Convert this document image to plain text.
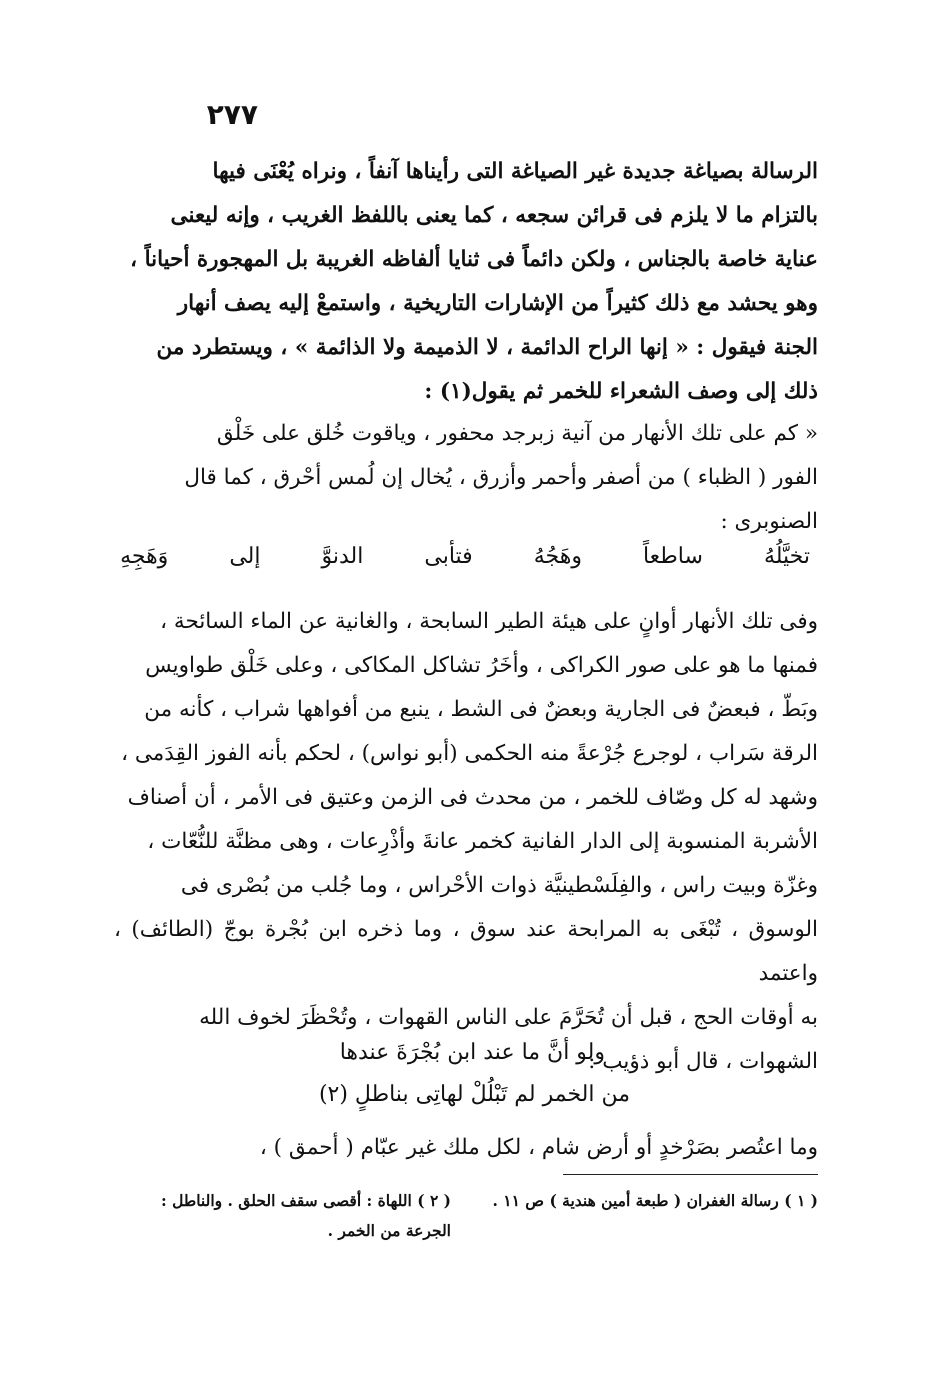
٢٧٧

الرسالة بصياغة جديدة غير الصياغة التى رأيناها آنفاً ، ونراه يُعْنَى فيها

بالتزام ما لا يلزم فى قرائن سجعه ، كما يعنى باللفظ الغريب ، وإنه ليعنى

عناية خاصة بالجناس ، ولكن دائماً فى ثنايا ألفاظه الغريبة بل المهجورة أحياناً ،

وهو يحشد مع ذلك كثيراً من الإشارات التاريخية ، واستمعْ إليه يصف أنهار

الجنة فيقول : « إنها الراح الدائمة ، لا الذميمة ولا الذائمة » ، ويستطرد من

ذلك إلى وصف الشعراء للخمر ثم يقول(١) :

« كم على تلك الأنهار من آنية زبرجد محفور ، وياقوت خُلق على خَلْق

الفور ( الظباء ) من أصفر وأحمر وأزرق ، يُخال إن لُمس أحْرق ، كما قال

الصنوبرى :

تخيَّلُهُ
ساطعاً
وهَجُهُ
فتأبى
الدنوَّ
إلى
وَهَجِهِ

وفى تلك الأنهار أوانٍ على هيئة الطير السابحة ، والغانية عن الماء السائحة ،

فمنها ما هو على صور الكراكى ، وأخَرُ تشاكل المكاكى ، وعلى خَلْق طواويس

وبَطّ ، فبعضٌ فى الجارية وبعضٌ فى الشط ، ينبع من أفواهها شراب ، كأنه من

الرقة سَراب ، لوجرع جُرْعةً منه الحكمى (أبو نواس) ، لحكم بأنه الفوز القِدَمى ،

وشهد له كل وصّاف للخمر ، من محدث فى الزمن وعتيق فى الأمر ، أن أصناف

الأشربة المنسوبة إلى الدار الفانية كخمر عانةَ وأذْرِعات ، وهى مظنَّة للنُّعّات ،

وغزّة وبيت راس ، والفِلَسْطينيَّة ذوات الأحْراس ، وما جُلب من بُصْرى فى

الوسوق ، تُبْغَى به المرابحة عند سوق ، وما ذخره ابن بُجْرة بوجّ (الطائف) ، واعتمد

به أوقات الحج ، قبل أن تُحَرَّمَ على الناس القهوات ، وتُحْظَرَ لخوف الله

الشهوات ، قال أبو ذؤيب :

ولو أنَّ ما عند ابن بُجْرَةَ عندها
من الخمر لم تَبْلُلْ لهاتِى بناطلٍ (٢)

وما اعتُصر بصَرْخدٍ أو أرض شام ، لكل ملك غير عبّام ( أحمق ) ،

( ١ ) رسالة الغفران ( طبعة أمين هندية ) ص ١١ .
( ٢ ) اللهاة : أقصى سقف الحلق . والناطل : الجرعة من الخمر .
